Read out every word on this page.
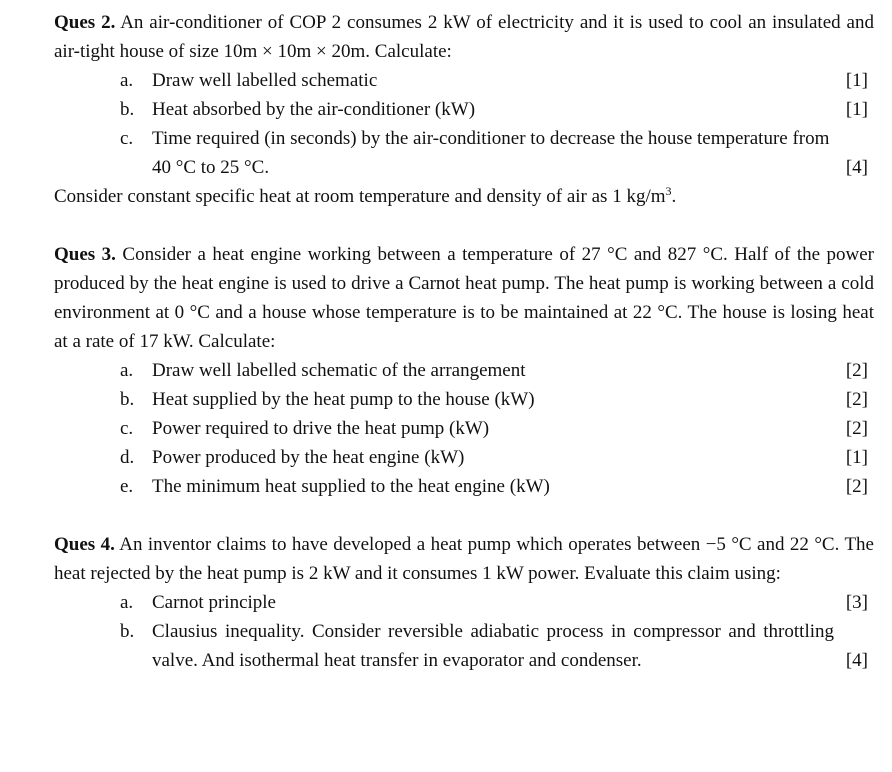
Ques 2. An air-conditioner of COP 2 consumes 2 kW of electricity and it is used to cool an insulated and air-tight house of size 10m × 10m × 20m. Calculate:
a. Draw well labelled schematic	[1]
b. Heat absorbed by the air-conditioner (kW)	[1]
c. Time required (in seconds) by the air-conditioner to decrease the house temperature from 40 °C to 25 °C.	[4]
Consider constant specific heat at room temperature and density of air as 1 $kg/m^3$.
Ques 3. Consider a heat engine working between a temperature of 27 °C and 827 °C. Half of the power produced by the heat engine is used to drive a Carnot heat pump. The heat pump is working between a cold environment at 0 °C and a house whose temperature is to be maintained at 22 °C. The house is losing heat at a rate of 17 kW. Calculate:
a. Draw well labelled schematic of the arrangement	[2]
b. Heat supplied by the heat pump to the house (kW)	[2]
c. Power required to drive the heat pump (kW)	[2]
d. Power produced by the heat engine (kW)	[1]
e. The minimum heat supplied to the heat engine (kW)	[2]
Ques 4. An inventor claims to have developed a heat pump which operates between −5 °C and 22 °C. The heat rejected by the heat pump is 2 kW and it consumes 1 kW power. Evaluate this claim using:
a. Carnot principle	[3]
b. Clausius inequality. Consider reversible adiabatic process in compressor and throttling valve. And isothermal heat transfer in evaporator and condenser.	[4]
